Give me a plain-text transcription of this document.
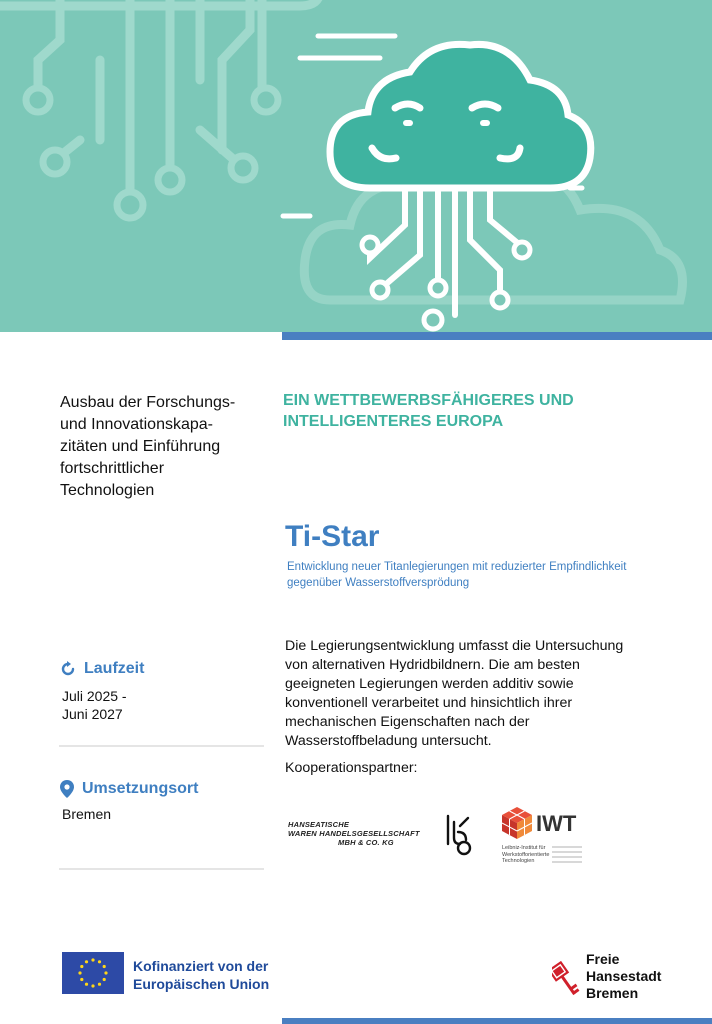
Ausbau der Forschungs-
und Innovationskapa-
zitäten und Einführung
fortschrittlicher
Technologien
EIN WETTBEWERBSFÄHIGERES UND
INTELLIGENTERES EUROPA
Ti-Star
Entwicklung neuer Titanlegierungen mit reduzierter Empfindlichkeit
gegenüber Wasserstoffversprödung
Die Legierungsentwicklung umfasst die Untersuchung
von alternativen Hydridbildnern. Die am besten
geeigneten Legierungen werden additiv sowie
konventionell verarbeitet und hinsichtlich ihrer
mechanischen Eigenschaften nach der
Wasserstoffbeladung untersucht.
Kooperationspartner:
Laufzeit
Juli 2025 -
Juni 2027
Umsetzungsort
Bremen
HANSEATISCHE
WAREN HANDELSGESELLSCHAFT
MBH & CO. KG
IWT
Leibniz-Institut für
Werkstofforientierte
Technologien
Kofinanziert von der
Europäischen Union
Freie
Hansestadt
Bremen
